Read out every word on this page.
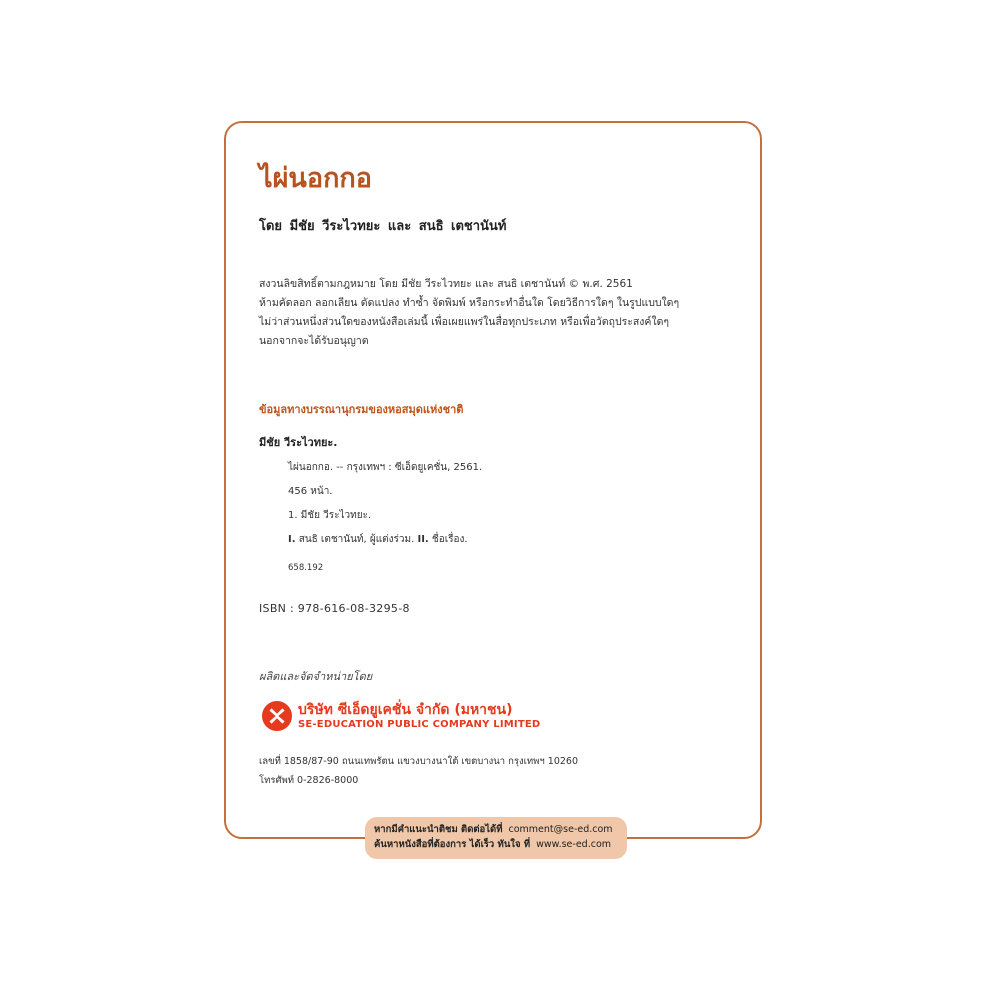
ไผ่นอกกอ
โดย มีชัย วีระไวทยะ และ สนธิ เตชานันท์
สงวนลิขสิทธิ์ตามกฎหมาย โดย มีชัย วีระไวทยะ และ สนธิ เตชานันท์ © พ.ศ. 2561
ห้ามคัดลอก ลอกเลียน ดัดแปลง ทำซ้ำ จัดพิมพ์ หรือกระทำอื่นใด โดยวิธีการใดๆ ในรูปแบบใดๆ
ไม่ว่าส่วนหนึ่งส่วนใดของหนังสือเล่มนี้ เพื่อเผยแพร่ในสื่อทุกประเภท หรือเพื่อวัตถุประสงค์ใดๆ
นอกจากจะได้รับอนุญาต
ข้อมูลทางบรรณานุกรมของหอสมุดแห่งชาติ
มีชัย วีระไวทยะ.
ไผ่นอกกอ. -- กรุงเทพฯ : ซีเอ็ดยูเคชั่น, 2561.
456 หน้า.
1. มีชัย วีระไวทยะ.
I. สนธิ เตชานันท์, ผู้แต่งร่วม. II. ชื่อเรื่อง.
658.192
ISBN : 978-616-08-3295-8
ผลิตและจัดจำหน่ายโดย
บริษัท ซีเอ็ดยูเคชั่น จำกัด (มหาชน)
SE-EDUCATION PUBLIC COMPANY LIMITED
เลขที่ 1858/87-90 ถนนเทพรัตน แขวงบางนาใต้ เขตบางนา กรุงเทพฯ 10260
โทรศัพท์ 0-2826-8000
หากมีคำแนะนำติชม ติดต่อได้ที่ comment@se-ed.com
ค้นหาหนังสือที่ต้องการ ได้เร็ว ทันใจ ที่ www.se-ed.com
